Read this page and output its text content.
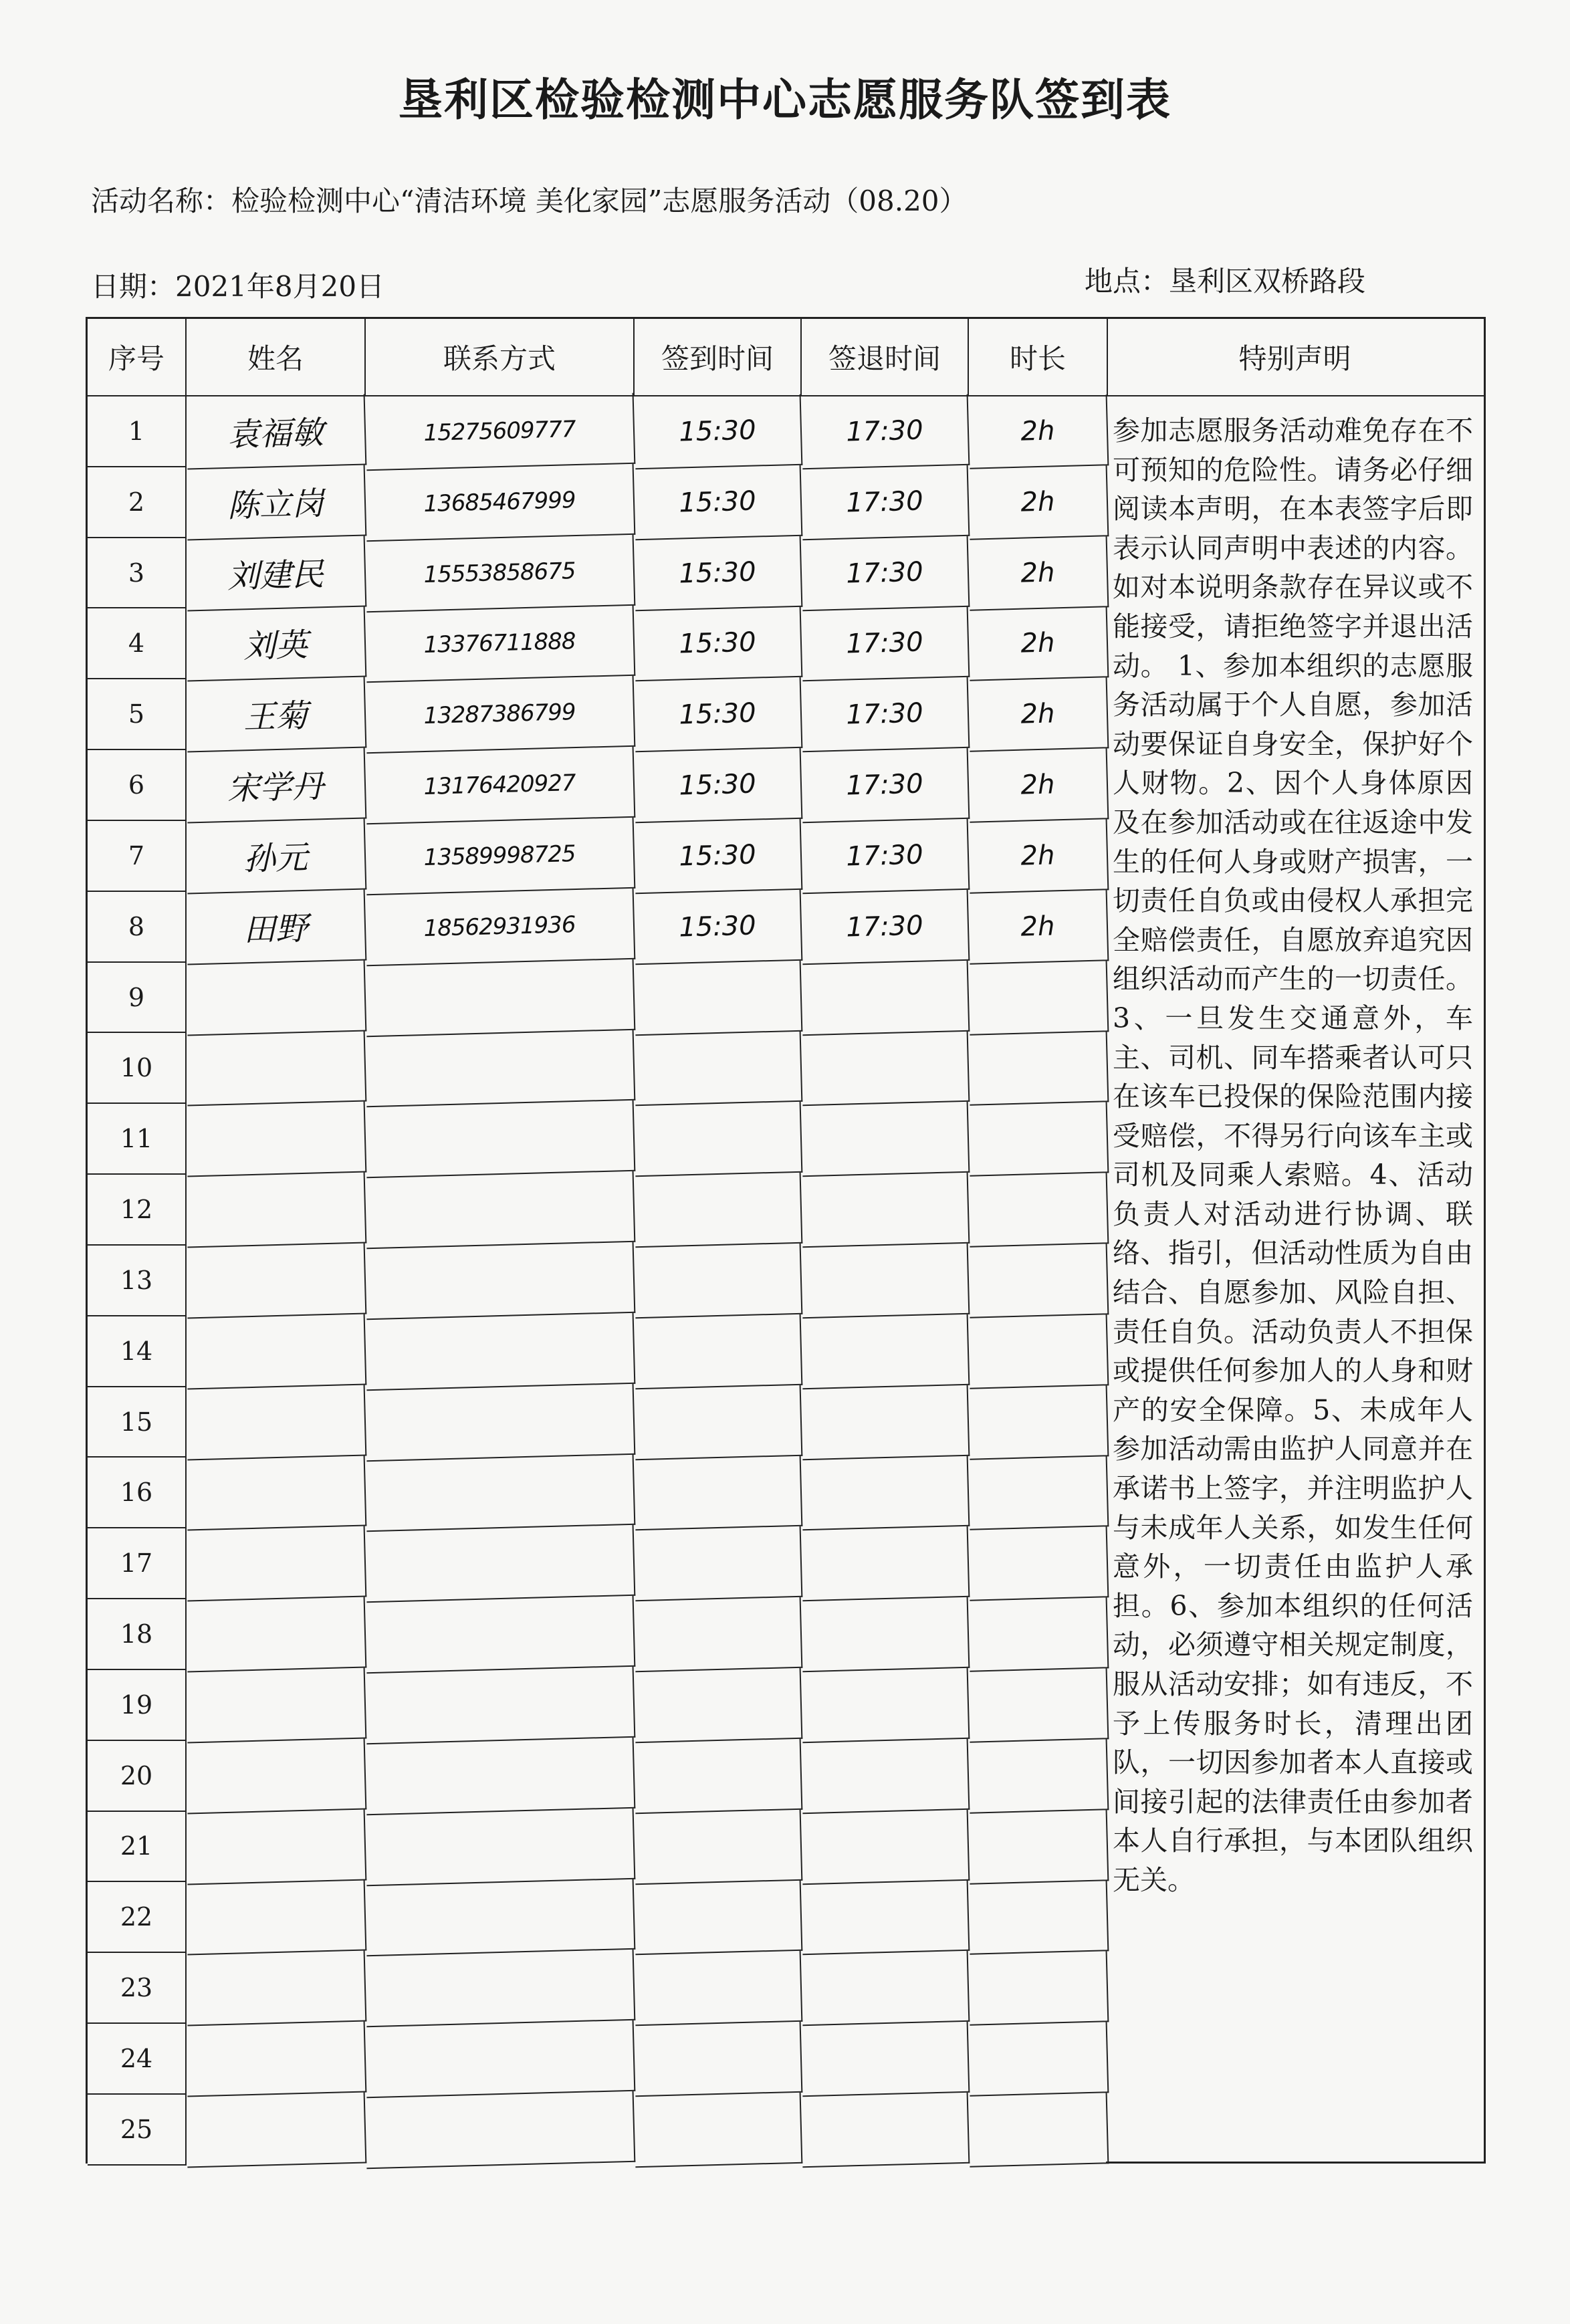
垦利区检验检测中心志愿服务队签到表
活动名称：检验检测中心“清洁环境 美化家园”志愿服务活动（08.20）
日期：2021年8月20日	地点：垦利区双桥路段
序号	姓名	联系方式	签到时间	签退时间	时长
1	袁福敏	15275609777	15:30	17:30	2h
2	陈立岗	13685467999	15:30	17:30	2h
3	刘建民	15553858675	15:30	17:30	2h
4	刘英	13376711888	15:30	17:30	2h
5	王菊	13287386799	15:30	17:30	2h
6	宋学丹	13176420927	15:30	17:30	2h
7	孙元	13589998725	15:30	17:30	2h
8	田野	18562931936	15:30	17:30	2h
9
10
11
12
13
14
15
16
17
18
19
20
21
22
23
24
25
特别声明
参加志愿服务活动难免存在不可预知的危险性。请务必仔细阅读本声明，在本表签字后即表示认同声明中表述的内容。如对本说明条款存在异议或不能接受，请拒绝签字并退出活动。 1、参加本组织的志愿服务活动属于个人自愿，参加活动要保证自身安全，保护好个人财物。2、因个人身体原因及在参加活动或在往返途中发生的任何人身或财产损害，一切责任自负或由侵权人承担完全赔偿责任，自愿放弃追究因组织活动而产生的一切责任。3、一旦发生交通意外，车主、司机、同车搭乘者认可只在该车已投保的保险范围内接受赔偿，不得另行向该车主或司机及同乘人索赔。4、活动负责人对活动进行协调、联络、指引，但活动性质为自由结合、自愿参加、风险自担、责任自负。活动负责人不担保或提供任何参加人的人身和财产的安全保障。5、未成年人参加活动需由监护人同意并在承诺书上签字，并注明监护人与未成年人关系，如发生任何意外，一切责任由监护人承担。6、参加本组织的任何活动，必须遵守相关规定制度，服从活动安排；如有违反，不予上传服务时长，清理出团队，一切因参加者本人直接或间接引起的法律责任由参加者本人自行承担，与本团队组织无关。
